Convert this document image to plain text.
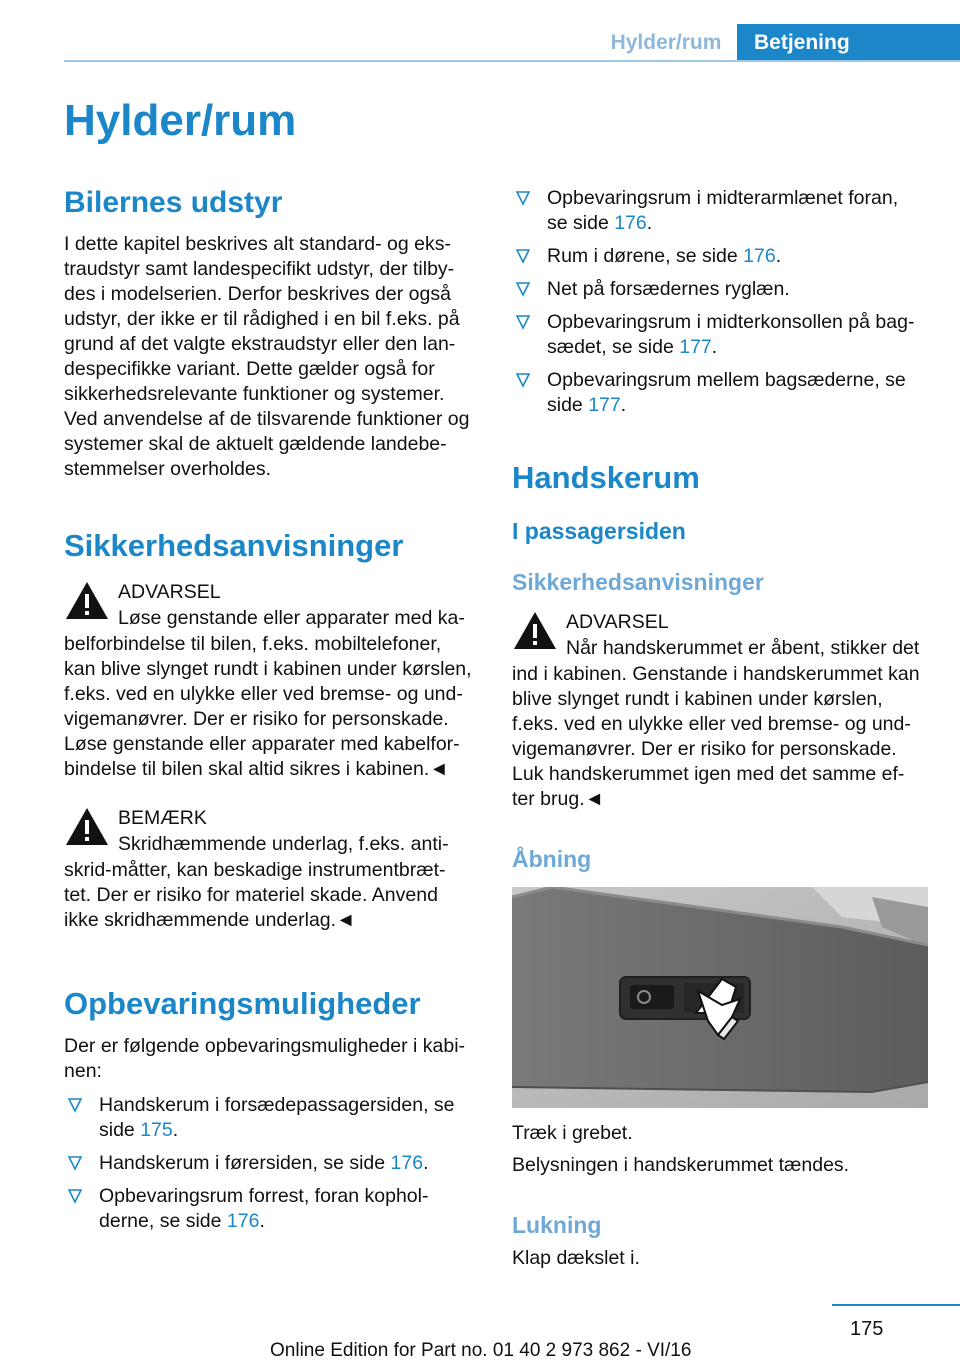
Hylder/rum	Betjening
Hylder/rum
Bilernes udstyr

I dette kapitel beskrives alt standard- og eks‐
traudstyr samt landespecifikt udstyr, der tilby‐
des i modelserien. Derfor beskrives der også
udstyr, der ikke er til rådighed i en bil f.eks. på
grund af det valgte ekstraudstyr eller den lan‐
despecifikke variant. Dette gælder også for
sikkerhedsrelevante funktioner og systemer.
Ved anvendelse af de tilsvarende funktioner og
systemer skal de aktuelt gældende landebe‐
stemmelser overholdes.

Sikkerhedsanvisninger
ADVARSEL
Løse genstande eller apparater med ka‐

belforbindelse til bilen, f.eks. mobiltelefoner,
kan blive slynget rundt i kabinen under kørslen,
f.eks. ved en ulykke eller ved bremse- og und‐
vigemanøvrer. Der er risiko for personskade.
Løse genstande eller apparater med kabelfor‐
bindelse til bilen skal altid sikres i kabinen.◄

BEMÆRK
Skridhæmmende underlag, f.eks. anti‐

skrid-måtter, kan beskadige instrumentbræt‐
tet. Der er risiko for materiel skade. Anvend
ikke skridhæmmende underlag.◄

Opbevaringsmuligheder

Der er følgende opbevaringsmuligheder i kabi‐
nen:

Handskerum i forsædepassagersiden, se
side 175.
Handskerum i førersiden, se side 176.
Opbevaringsrum forrest, foran kophol‐
derne, se side 176.
Opbevaringsrum i midterarmlænet foran,
se side 176.
Rum i dørene, se side 176.
Net på forsædernes ryglæn.
Opbevaringsrum i midterkonsollen på bag‐
sædet, se side 177.
Opbevaringsrum mellem bagsæderne, se
side 177.
Handskerum
I passagersiden
Sikkerhedsanvisninger
ADVARSEL
Når handskerummet er åbent, stikker det

ind i kabinen. Genstande i handskerummet kan
blive slynget rundt i kabinen under kørslen,
f.eks. ved en ulykke eller ved bremse- og und‐
vigemanøvrer. Der er risiko for personskade.
Luk handskerummet igen med det samme ef‐
ter brug.◄

Åbning

Træk i grebet.

Belysningen i handskerummet tændes.

Lukning

Klap dækslet i.

175
Online Edition for Part no. 01 40 2 973 862 - VI/16
